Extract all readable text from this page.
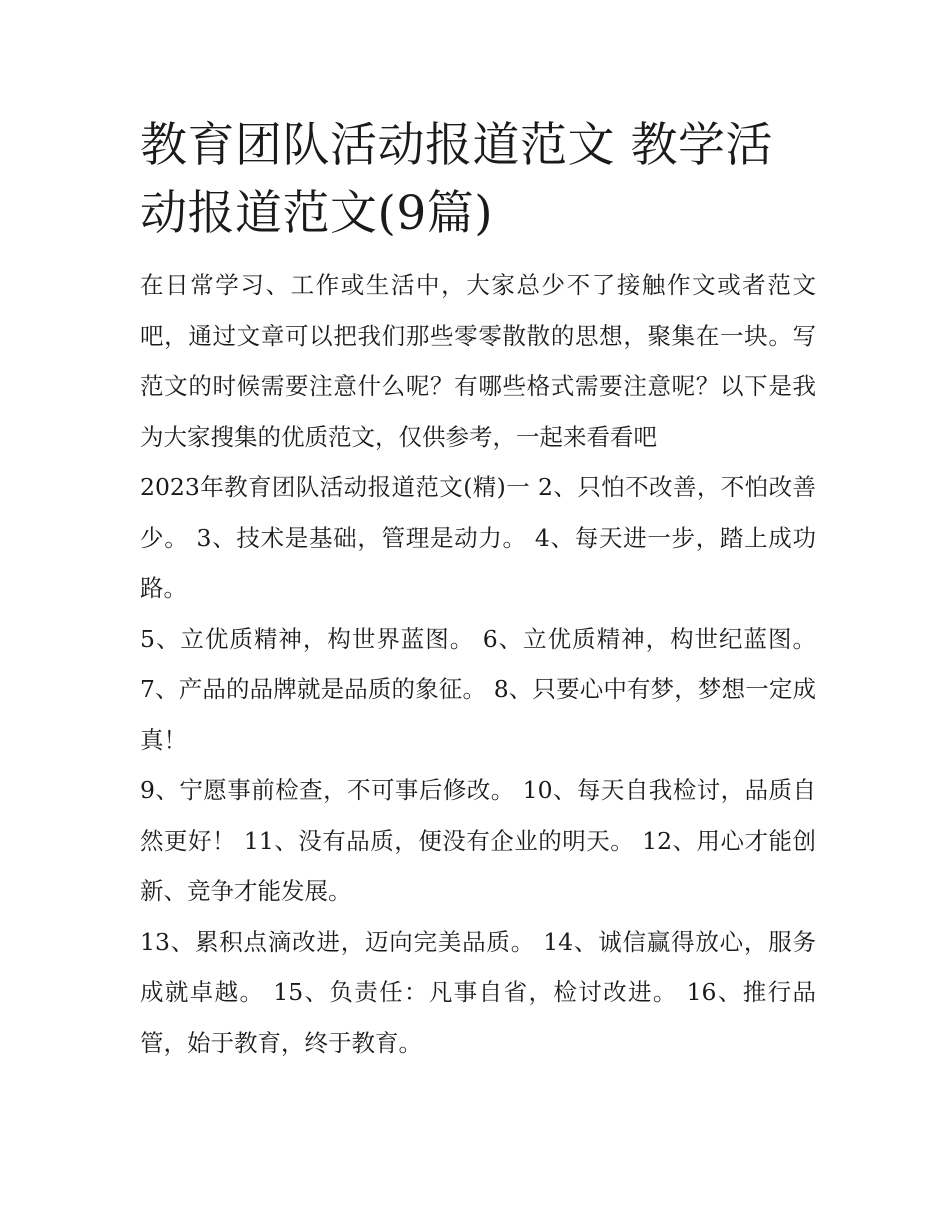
教育团队活动报道范文 教学活动报道范文(9篇)

在日常学习、工作或生活中，大家总少不了接触作文或者范文吧，通过文章可以把我们那些零零散散的思想，聚集在一块。写范文的时候需要注意什么呢？有哪些格式需要注意呢？以下是我为大家搜集的优质范文，仅供参考，一起来看看吧

2023年教育团队活动报道范文(精)一 2、只怕不改善，不怕改善少。 3、技术是基础，管理是动力。 4、每天进一步，踏上成功路。

5、立优质精神，构世界蓝图。 6、立优质精神，构世纪蓝图。 7、产品的品牌就是品质的象征。 8、只要心中有梦，梦想一定成真！

9、宁愿事前检查，不可事后修改。 10、每天自我检讨，品质自然更好！ 11、没有品质，便没有企业的明天。 12、用心才能创新、竞争才能发展。

13、累积点滴改进，迈向完美品质。 14、诚信赢得放心，服务成就卓越。 15、负责任：凡事自省，检讨改进。 16、推行品管，始于教育，终于教育。
